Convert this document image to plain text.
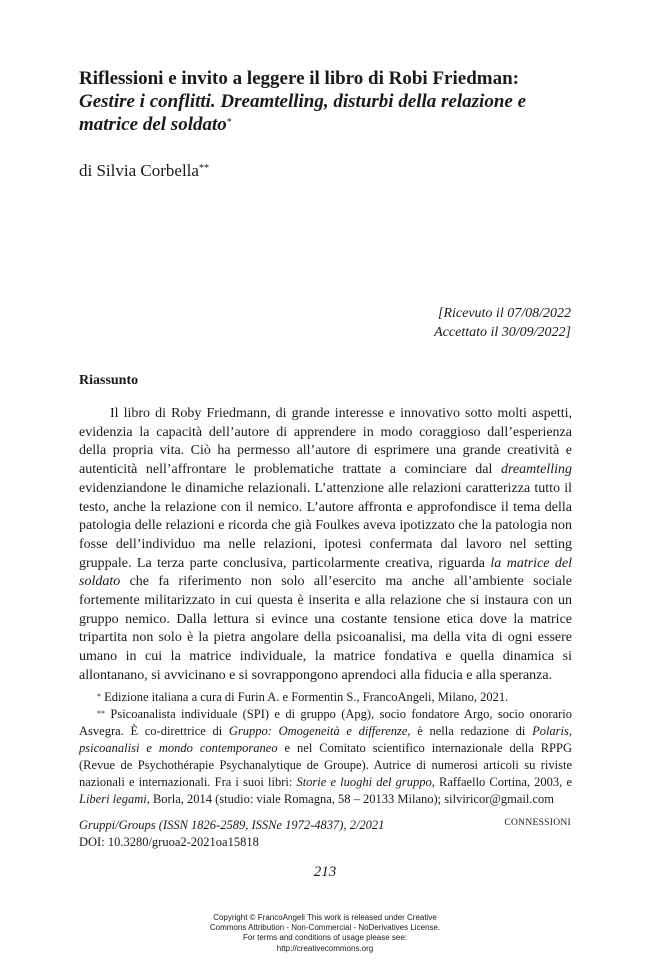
Riflessioni e invito a leggere il libro di Robi Friedman:
Gestire i conflitti. Dreamtelling, disturbi della relazione e matrice del soldato*
di Silvia Corbella**
[Ricevuto il 07/08/2022
Accettato il 30/09/2022]
Riassunto

Il libro di Roby Friedmann, di grande interesse e innovativo sotto molti aspetti, evidenzia la capacità dell’autore di apprendere in modo coraggioso dall’esperienza della propria vita. Ciò ha permesso all’autore di esprimere una grande creatività e autenticità nell’affrontare le problematiche trattate a cominciare dal dreamtelling evidenziandone le dinamiche relazionali. L’attenzione alle relazioni caratterizza tutto il testo, anche la relazione con il nemico. L’autore affronta e approfondisce il tema della patologia delle relazioni e ricorda che già Foulkes aveva ipotizzato che la patologia non fosse dell’individuo ma nelle relazioni, ipotesi confermata dal lavoro nel setting gruppale. La terza parte conclusiva, particolarmente creativa, riguarda la matrice del soldato che fa riferimento non solo all’esercito ma anche all’ambiente sociale fortemente militarizzato in cui questa è inserita e alla relazione che si instaura con un gruppo nemico. Dalla lettura si evince una costante tensione etica dove la matrice tripartita non solo è la pietra angolare della psicoanalisi, ma della vita di ogni essere umano in cui la matrice individuale, la matrice fondativa e quella dinamica si allontanano, si avvicinano e si sovrappongono aprendoci alla fiducia e alla speranza.

* Edizione italiana a cura di Furin A. e Formentin S., FrancoAngeli, Milano, 2021.

** Psicoanalista individuale (SPI) e di gruppo (Apg), socio fondatore Argo, socio onorario Asvegra. È co-direttrice di Gruppo: Omogeneità e differenze, è nella redazione di Polaris, psicoanalisi e mondo contemporaneo e nel Comitato scientifico internazionale della RPPG (Revue de Psychothérapie Psychanalytique de Groupe). Autrice di numerosi articoli su riviste nazionali e internazionali. Fra i suoi libri: Storie e luoghi del gruppo, Raffaello Cortina, 2003, e Liberi legami, Borla, 2014 (studio: viale Romagna, 58 – 20133 Milano); silviricor@gmail.com

Gruppi/Groups (ISSN 1826-2589, ISSNe 1972-4837), 2/2021
DOI: 10.3280/gruoa2-2021oa15818
CONNESSIONI
213
Copyright © FrancoAngeli This work is released under Creative
Commons Attribution - Non-Commercial - NoDerivatives License.
For terms and conditions of usage please see:
http://creativecommons.org
